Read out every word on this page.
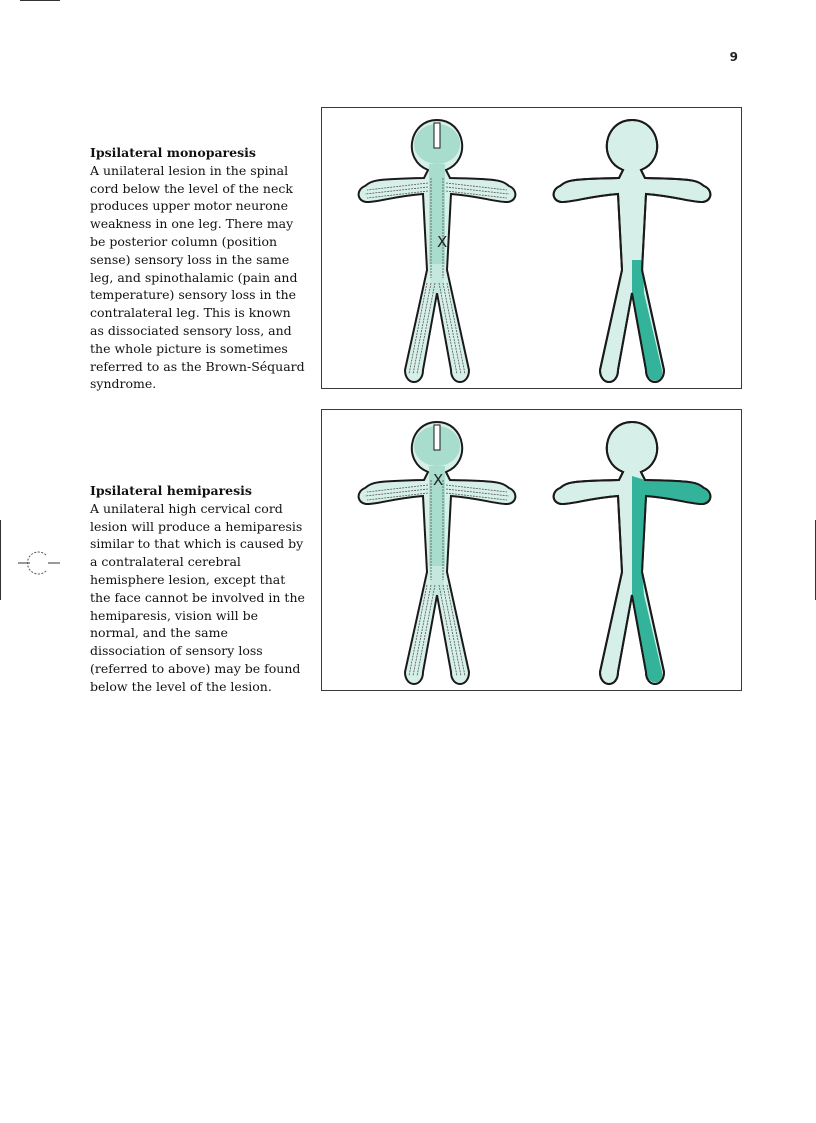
9
Ipsilateral monoparesis
A unilateral lesion in the spinal cord below the level of the neck produces upper motor neurone weakness in one leg. There may be posterior column (position sense) sensory loss in the same leg, and spinothalamic (pain and temperature) sensory loss in the contralateral leg. This is known as dissociated sensory loss, and the whole picture is sometimes referred to as the Brown-Séquard syndrome.
Ipsilateral hemiparesis
A unilateral high cervical cord lesion will produce a hemiparesis similar to that which is caused by a contralateral cerebral hemisphere lesion, except that the face cannot be involved in the hemiparesis, vision will be normal, and the same dissociation of sensory loss (referred to above) may be found below the level of the lesion.
X
X
